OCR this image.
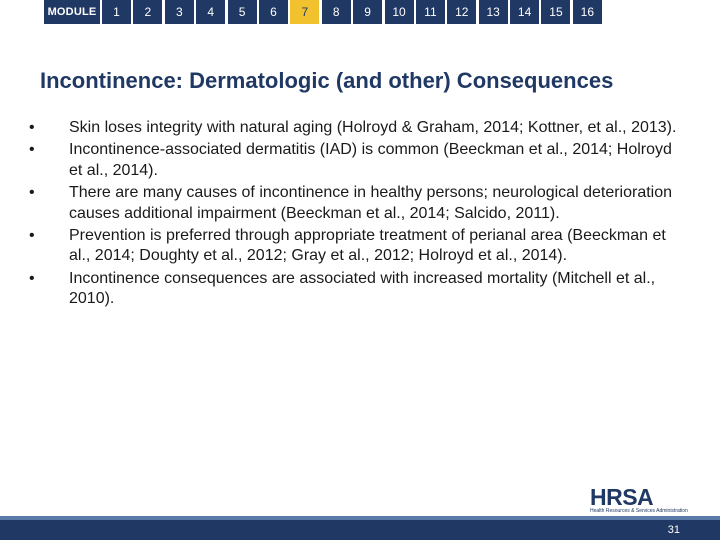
MODULE	1	2	3	4	5	6	7	8	9	10	11	12	13	14	15	16
Incontinence: Dermatologic (and other) Consequences
•	Skin loses integrity with natural aging (Holroyd & Graham, 2014; Kottner, et al., 2013).
•	Incontinence-associated dermatitis (IAD) is common (Beeckman et al., 2014; Holroyd et al., 2014).
•	There are many causes of incontinence in healthy persons; neurological deterioration causes additional impairment (Beeckman et al., 2014; Salcido, 2011).
•	Prevention is preferred through appropriate treatment of perianal area (Beeckman et al., 2014; Doughty et al., 2012; Gray et al., 2012; Holroyd et al., 2014).
•	Incontinence consequences are associated with increased mortality (Mitchell et al., 2010).
HRSA
Health Resources & Services Administration
31
